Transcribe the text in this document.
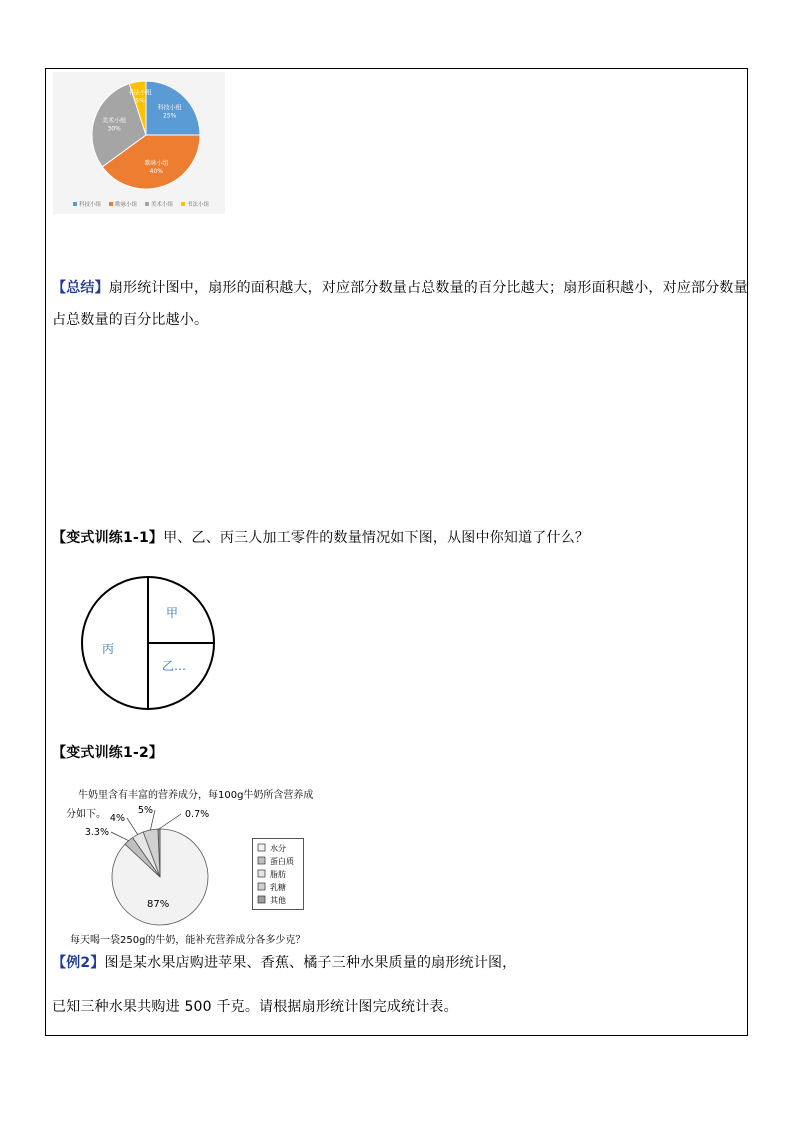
科技小组
25%
歌咏小组
40%
美术小组
30%
书法小组
5%
科技小组	歌咏小组	美术小组	书法小组
【总结】扇形统计图中，扇形的面积越大，对应部分数量占总数量的百分比越大；扇形面积越小，对应部分数量
占总数量的百分比越小。
【变式训练1-1】甲、乙、丙三人加工零件的数量情况如下图，从图中你知道了什么？
甲
乙…
丙
【变式训练1-2】
牛奶里含有丰富的营养成分，每100g牛奶所含营养成
分如下。
87%
0.7%
5%
4%
3.3%
水分
蛋白质
脂肪
乳糖
其他
每天喝一袋250g的牛奶，能补充营养成分各多少克？
【例2】图是某水果店购进苹果、香蕉、橘子三种水果质量的扇形统计图，
已知三种水果共购进 500 千克。请根据扇形统计图完成统计表。
